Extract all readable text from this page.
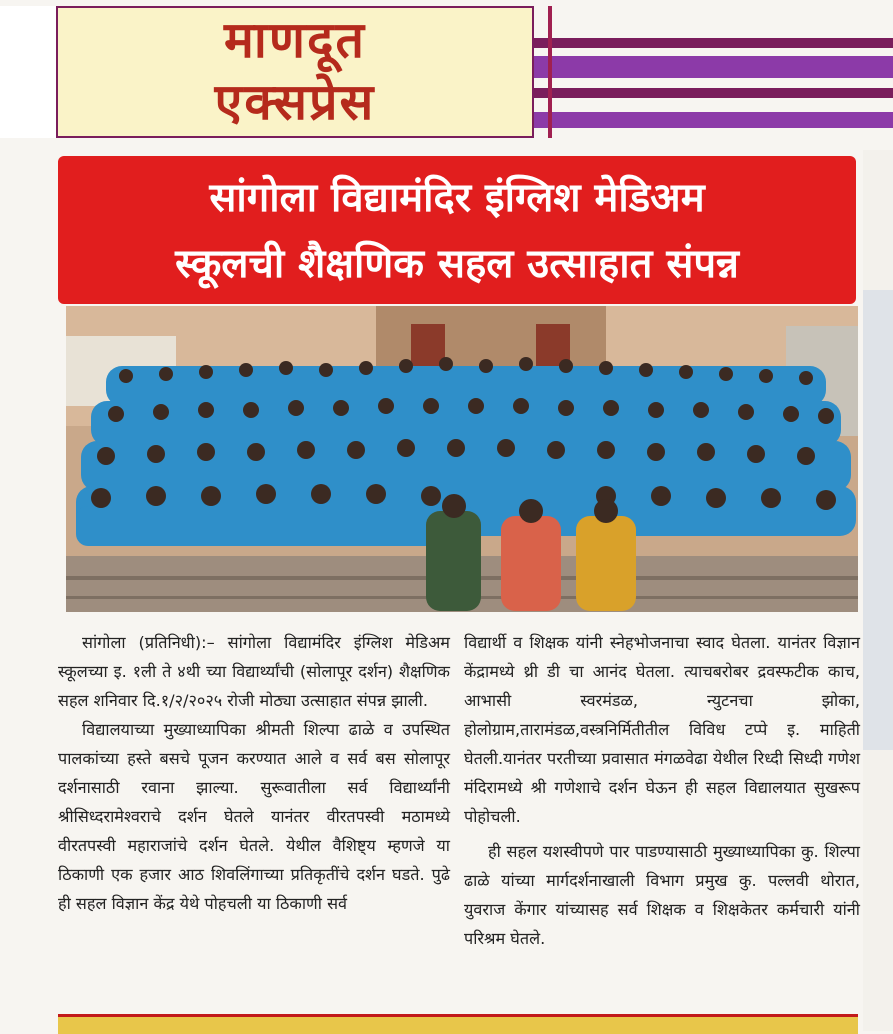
माणदूत
एक्सप्रेस
सांगोला विद्यामंदिर इंग्लिश मेडिअम
स्कूलची शैक्षणिक सहल उत्साहात संपन्न

सांगोला (प्रतिनिधी):– सांगोला विद्यामंदिर इंग्लिश मेडिअम स्कूलच्या इ. १ली ते ४थी च्या विद्यार्थ्यांची (सोलापूर दर्शन) शैक्षणिक सहल शनिवार दि.१/२/२०२५ रोजी मोठ्या उत्साहात संपन्न झाली.

विद्यालयाच्या मुख्याध्यापिका श्रीमती शिल्पा ढाळे व उपस्थित पालकांच्या हस्ते बसचे पूजन करण्यात आले व सर्व बस सोलापूर दर्शनासाठी रवाना झाल्या. सुरूवातीला सर्व विद्यार्थ्यांनी श्रीसिध्दरामेश्वराचे दर्शन घेतले यानंतर वीरतपस्वी मठामध्ये वीरतपस्वी महाराजांचे दर्शन घेतले. येथील वैशिष्ट्य म्हणजे या ठिकाणी एक हजार आठ शिवलिंगाच्या प्रतिकृतींचे दर्शन घडते. पुढे ही सहल विज्ञान केंद्र येथे पोहचली या ठिकाणी सर्व

विद्यार्थी व शिक्षक यांनी स्नेहभोजनाचा स्वाद घेतला. यानंतर विज्ञान केंद्रामध्ये थ्री डी चा आनंद घेतला. त्याचबरोबर द्रवस्फटीक काच, आभासी स्वरमंडळ, न्युटनचा झोका, होलोग्राम,तारामंडळ,वस्त्रनिर्मितीतील विविध टप्पे इ. माहिती घेतली.यानंतर परतीच्या प्रवासात मंगळवेढा येथील रिध्दी सिध्दी गणेश मंदिरामध्ये श्री गणेशाचे दर्शन घेऊन ही सहल विद्यालयात सुखरूप पोहोचली.

ही सहल यशस्वीपणे पार पाडण्यासाठी मुख्याध्यापिका कु. शिल्पा ढाळे यांच्या मार्गदर्शनाखाली विभाग प्रमुख कु. पल्लवी थोरात, युवराज केंगार यांच्यासह सर्व शिक्षक व शिक्षकेतर कर्मचारी यांनी परिश्रम घेतले.
